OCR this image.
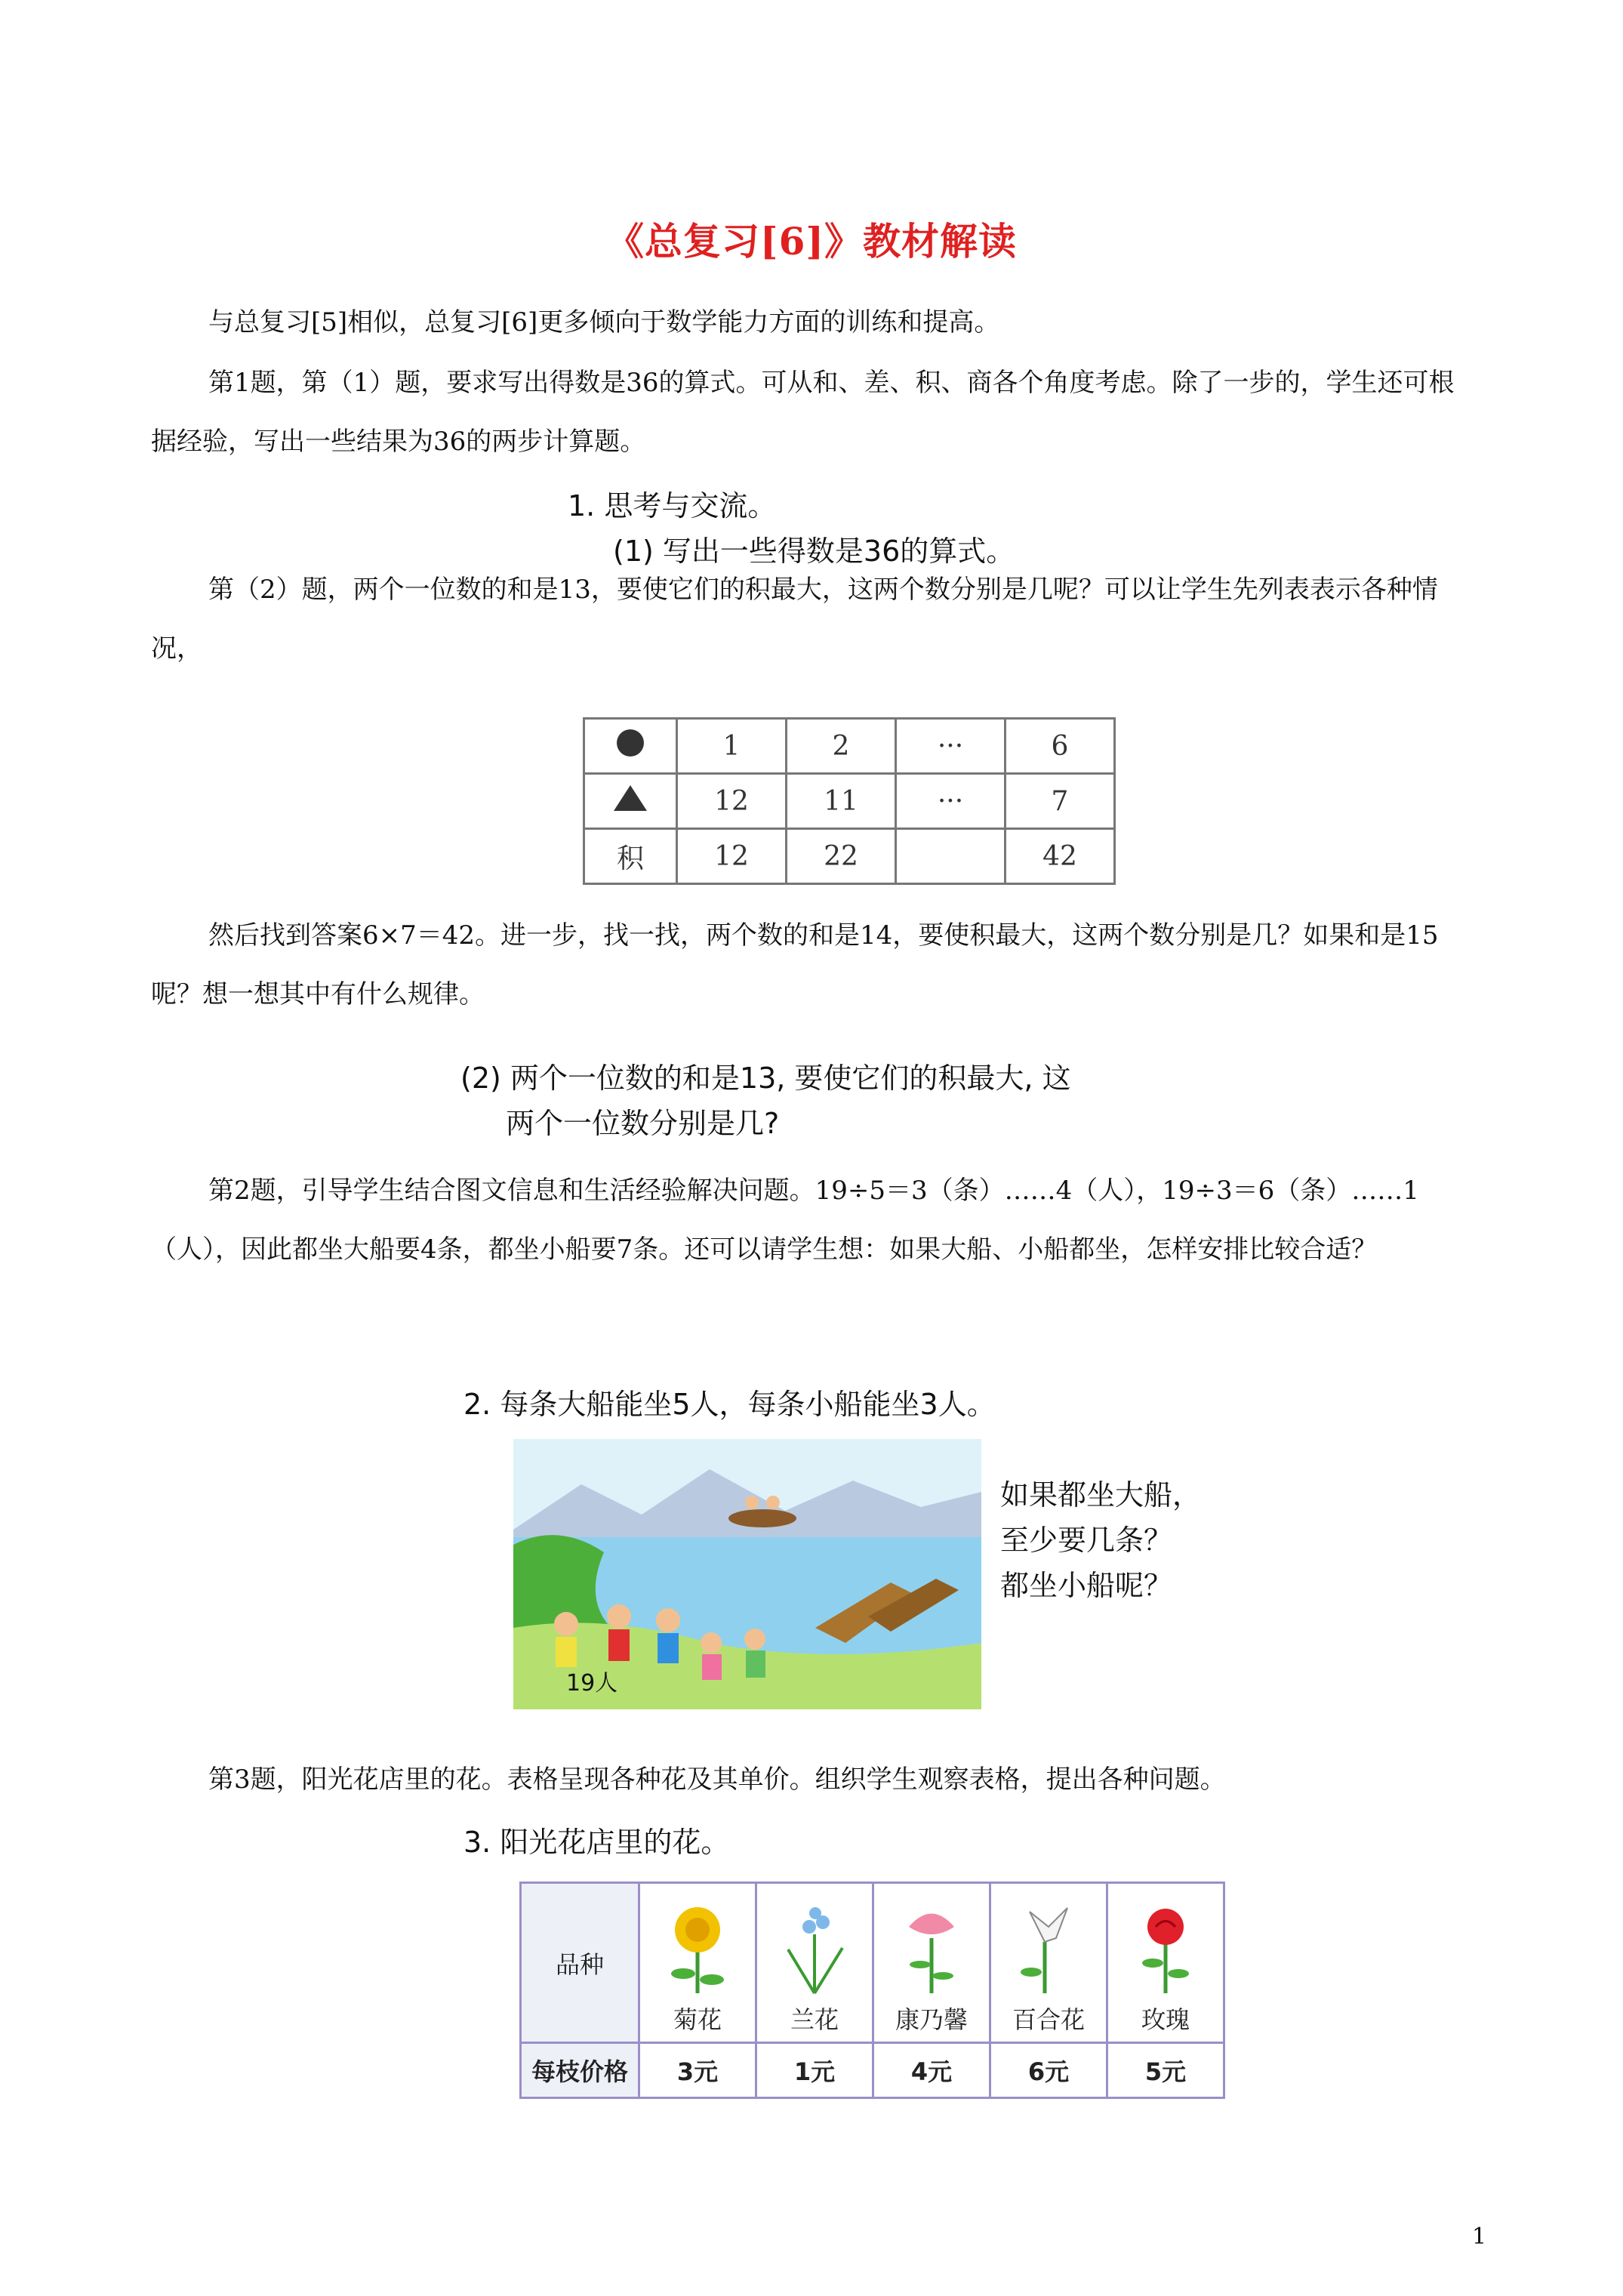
《总复习[6]》教材解读

与总复习[5]相似，总复习[6]更多倾向于数学能力方面的训练和提高。

第1题，第（1）题，要求写出得数是36的算式。可从和、差、积、商各个角度考虑。除了一步的，学生还可根据经验，写出一些结果为36的两步计算题。

1. 思考与交流。
(1) 写出一些得数是36的算式。

第（2）题，两个一位数的和是13，要使它们的积最大，这两个数分别是几呢？可以让学生先列表表示各种情况，

	1	2	···	6
	12	11	···	7
积	12	22		42

然后找到答案6×7＝42。进一步，找一找，两个数的和是14，要使积最大，这两个数分别是几？如果和是15呢？想一想其中有什么规律。

(2) 两个一位数的和是13, 要使它们的积最大, 这
两个一位数分别是几?

第2题，引导学生结合图文信息和生活经验解决问题。19÷5＝3（条）……4（人），19÷3＝6（条）……1（人），因此都坐大船要4条，都坐小船要7条。还可以请学生想：如果大船、小船都坐，怎样安排比较合适？

2. 每条大船能坐5人，每条小船能坐3人。
19人
如果都坐大船，
至少要几条？
都坐小船呢？

第3题，阳光花店里的花。表格呈现各种花及其单价。组织学生观察表格，提出各种问题。

3. 阳光花店里的花。
品种	菊花	兰花	康乃馨	百合花	玫瑰

每枝价格	3元	1元	4元	6元	5元
1
